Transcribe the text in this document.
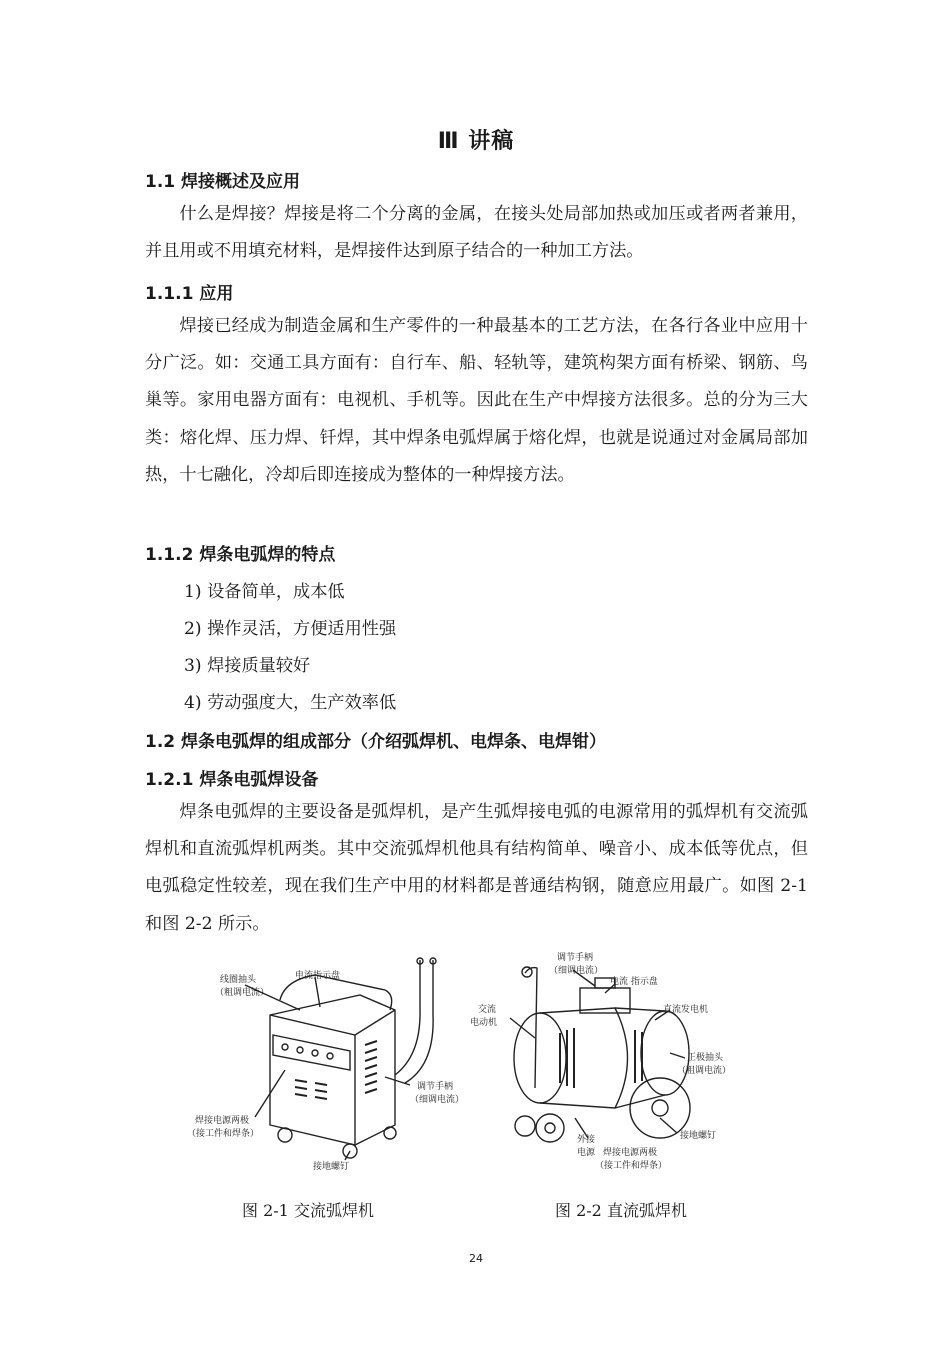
Ⅲ 讲稿
1.1 焊接概述及应用

什么是焊接？焊接是将二个分离的金属，在接头处局部加热或加压或者两者兼用，并且用或不用填充材料，是焊接件达到原子结合的一种加工方法。

1.1.1 应用

焊接已经成为制造金属和生产零件的一种最基本的工艺方法，在各行各业中应用十分广泛。如：交通工具方面有：自行车、船、轻轨等，建筑构架方面有桥梁、钢筋、鸟巢等。家用电器方面有：电视机、手机等。因此在生产中焊接方法很多。总的分为三大类：熔化焊、压力焊、钎焊，其中焊条电弧焊属于熔化焊，也就是说通过对金属局部加热，十七融化，冷却后即连接成为整体的一种焊接方法。

1.1.2 焊条电弧焊的特点
1) 设备简单，成本低
2) 操作灵活，方便适用性强
3) 焊接质量较好
4) 劳动强度大，生产效率低
1.2 焊条电弧焊的组成部分（介绍弧焊机、电焊条、电焊钳）
1.2.1 焊条电弧焊设备

焊条电弧焊的主要设备是弧焊机，是产生弧焊接电弧的电源常用的弧焊机有交流弧焊机和直流弧焊机两类。其中交流弧焊机他具有结构简单、噪音小、成本低等优点，但电弧稳定性较差，现在我们生产中用的材料都是普通结构钢，随意应用最广。如图 2-1 和图 2-2 所示。

线圈抽头
（粗调电流）
电流指示盘
调节手柄
（细调电流）
焊接电源两极
（接工件和焊条）
接地螺钉
图 2-1 交流弧焊机
调节手柄
（细调电流）
电流 指示盘
交流
电动机
直流发电机
正极抽头
（粗调电流）
接地螺钉
外接
电源 焊接电源两极
（接工件和焊条）
图 2-2 直流弧焊机
24
